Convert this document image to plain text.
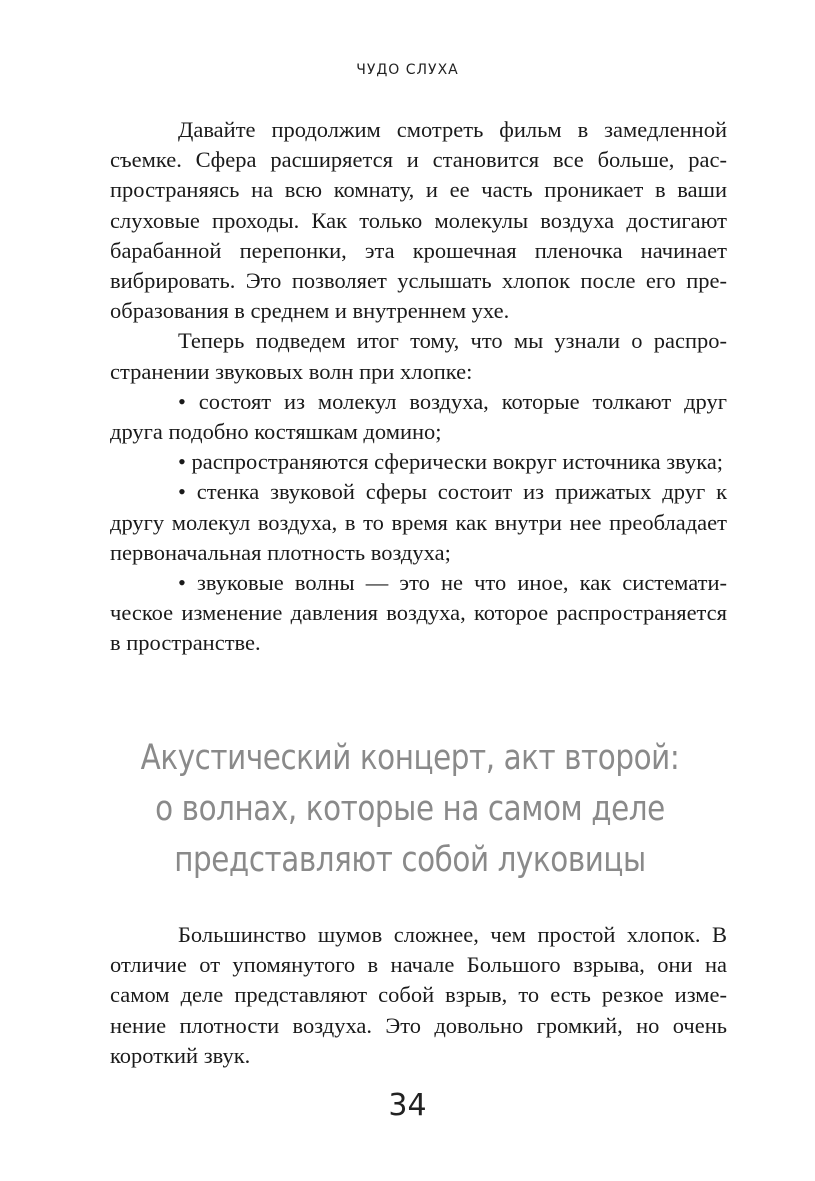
ЧУДО СЛУХА

Давайте продолжим смотреть фильм в замедленной съемке. Сфера расширяется и становится все больше, распространяясь на всю комнату, и ее часть проникает в ваши слуховые проходы. Как только молекулы воздуха достигают барабанной перепонки, эта крошечная пленочка начинает вибрировать. Это позволяет услышать хлопок после его преобразования в среднем и внутреннем ухе.

Теперь подведем итог тому, что мы узнали о распространении звуковых волн при хлопке:

• состоят из молекул воздуха, которые толкают друг друга подобно костяшкам домино;

• распространяются сферически вокруг источника звука;

• стенка звуковой сферы состоит из прижатых друг к другу молекул воздуха, в то время как внутри нее преобладает первоначальная плотность воздуха;

• звуковые волны — это не что иное, как систематическое изменение давления воздуха, которое распространяется в пространстве.

Акустический концерт, акт второй:
о волнах, которые на самом деле
представляют собой луковицы

Большинство шумов сложнее, чем простой хлопок. В отличие от упомянутого в начале Большого взрыва, они на самом деле представляют собой взрыв, то есть резкое изменение плотности воздуха. Это довольно громкий, но очень короткий звук.

34
